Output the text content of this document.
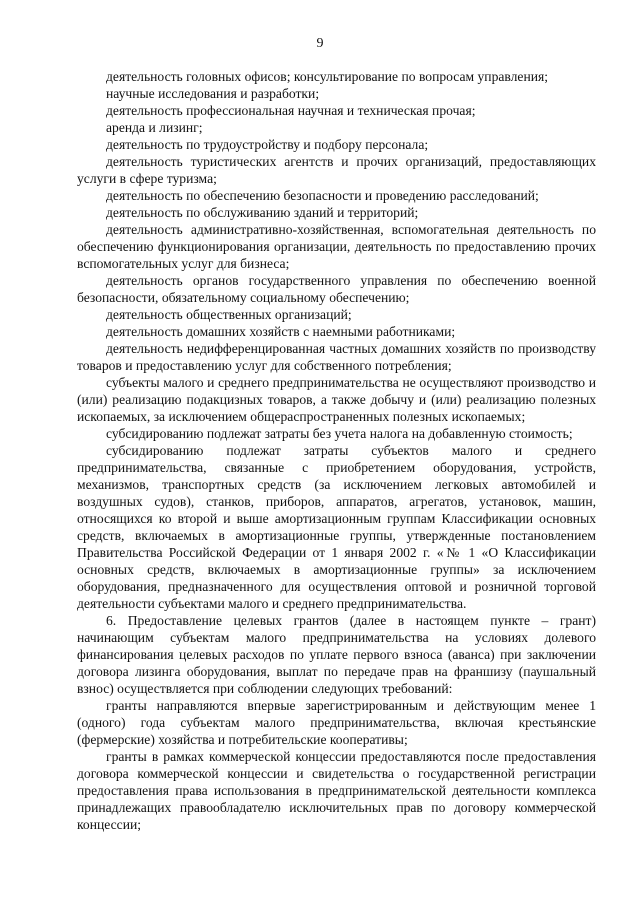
9

деятельность головных офисов; консультирование по вопросам управления;

научные исследования и разработки;

деятельность профессиональная научная и техническая прочая;

аренда и лизинг;

деятельность по трудоустройству и подбору персонала;

деятельность туристических агентств и прочих организаций, предоставляющих услуги в сфере туризма;

деятельность по обеспечению безопасности и проведению расследований;

деятельность по обслуживанию зданий и территорий;

деятельность административно-хозяйственная, вспомогательная деятельность по обеспечению функционирования организации, деятельность по предоставлению прочих вспомогательных услуг для бизнеса;

деятельность органов государственного управления по обеспечению военной безопасности, обязательному социальному обеспечению;

деятельность общественных организаций;

деятельность домашних хозяйств с наемными работниками;

деятельность недифференцированная частных домашних хозяйств по производству товаров и предоставлению услуг для собственного потребления;

субъекты малого и среднего предпринимательства не осуществляют производство и (или) реализацию подакцизных товаров, а также добычу и (или) реализацию полезных ископаемых, за исключением общераспространенных полезных ископаемых;

субсидированию подлежат затраты без учета налога на добавленную стоимость;

субсидированию подлежат затраты субъектов малого и среднего предпринимательства, связанные с приобретением оборудования, устройств, механизмов, транспортных средств (за исключением легковых автомобилей и воздушных судов), станков, приборов, аппаратов, агрегатов, установок, машин, относящихся ко второй и выше амортизационным группам Классификации основных средств, включаемых в амортизационные группы, утвержденные постановлением Правительства Российской Федерации от 1 января 2002 г. «№ 1 «О Классификации основных средств, включаемых в амортизационные группы» за исключением оборудования, предназначенного для осуществления оптовой и розничной торговой деятельности субъектами малого и среднего предпринимательства.

6. Предоставление целевых грантов (далее в настоящем пункте – грант) начинающим субъектам малого предпринимательства на условиях долевого финансирования целевых расходов по уплате первого взноса (аванса) при заключении договора лизинга оборудования, выплат по передаче прав на франшизу (паушальный взнос) осуществляется при соблюдении следующих требований:

гранты направляются впервые зарегистрированным и действующим менее 1 (одного) года субъектам малого предпринимательства, включая крестьянские (фермерские) хозяйства и потребительские кооперативы;

гранты в рамках коммерческой концессии предоставляются после предоставления договора коммерческой концессии и свидетельства о государственной регистрации предоставления права использования в предпринимательской деятельности комплекса принадлежащих правообладателю исключительных прав по договору коммерческой концессии;
